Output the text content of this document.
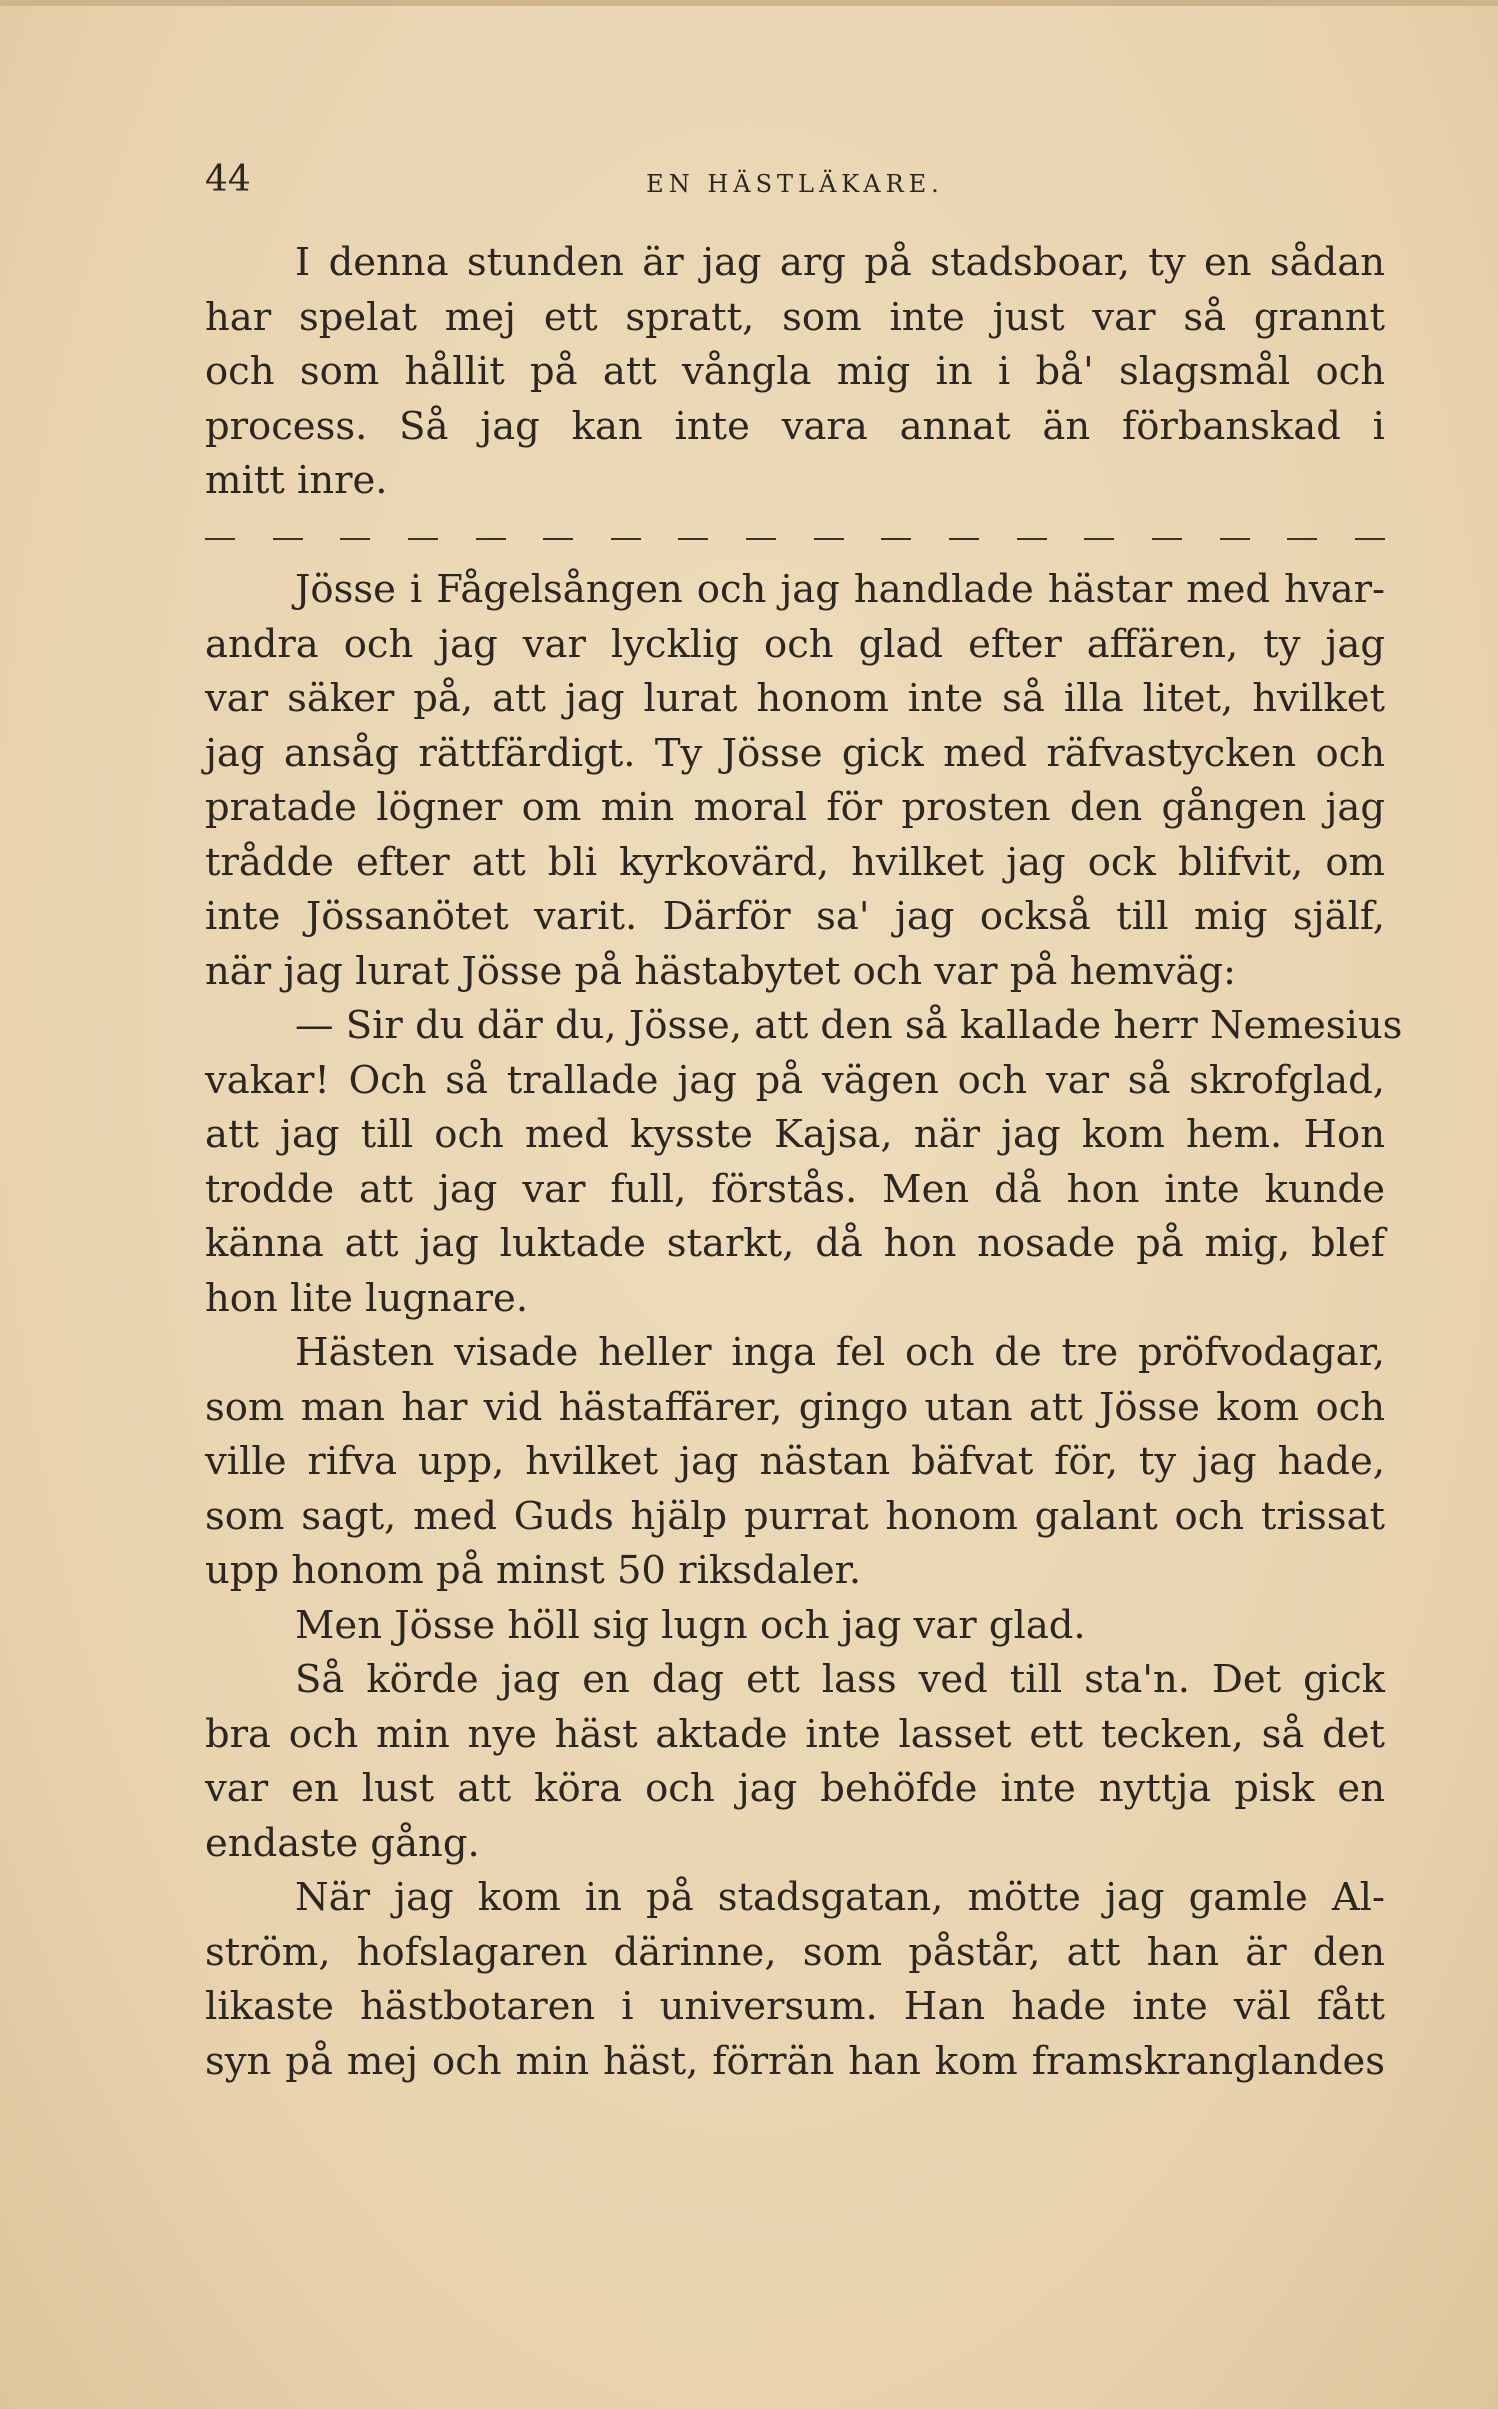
44	EN HÄSTLÄKARE.
I denna stunden är jag arg på stadsboar, ty en sådan
har spelat mej ett spratt, som inte just var så grannt
och som hållit på att vångla mig in i bå' slagsmål och
process. Så jag kan inte vara annat än förbanskad i
mitt inre.
Jösse i Fågelsången och jag handlade hästar med hvar-
andra och jag var lycklig och glad efter affären, ty jag
var säker på, att jag lurat honom inte så illa litet, hvilket
jag ansåg rättfärdigt. Ty Jösse gick med räfvastycken och
pratade lögner om min moral för prosten den gången jag
trådde efter att bli kyrkovärd, hvilket jag ock blifvit, om
inte Jössanötet varit. Därför sa' jag också till mig själf,
när jag lurat Jösse på hästabytet och var på hemväg:
— Sir du där du, Jösse, att den så kallade herr Nemesius
vakar! Och så trallade jag på vägen och var så skrofglad,
att jag till och med kysste Kajsa, när jag kom hem. Hon
trodde att jag var full, förstås. Men då hon inte kunde
känna att jag luktade starkt, då hon nosade på mig, blef
hon lite lugnare.
Hästen visade heller inga fel och de tre pröfvodagar,
som man har vid hästaffärer, gingo utan att Jösse kom och
ville rifva upp, hvilket jag nästan bäfvat för, ty jag hade,
som sagt, med Guds hjälp purrat honom galant och trissat
upp honom på minst 50 riksdaler.
Men Jösse höll sig lugn och jag var glad.
Så körde jag en dag ett lass ved till sta'n. Det gick
bra och min nye häst aktade inte lasset ett tecken, så det
var en lust att köra och jag behöfde inte nyttja pisk en
endaste gång.
När jag kom in på stadsgatan, mötte jag gamle Al-
ström, hofslagaren därinne, som påstår, att han är den
likaste hästbotaren i universum. Han hade inte väl fått
syn på mej och min häst, förrän han kom framskranglandes
